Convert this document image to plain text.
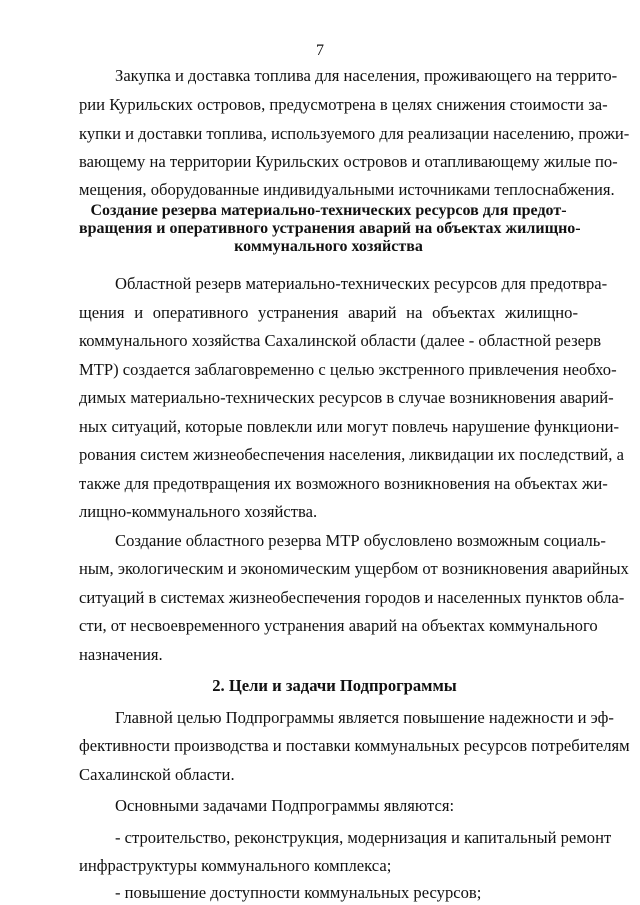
7
Закупка и доставка топлива для населения, проживающего на террито-
рии Курильских островов, предусмотрена в целях снижения стоимости за-
купки и доставки топлива, используемого для реализации населению, прожи-
вающему на территории Курильских островов и отапливающему жилые по-
мещения, оборудованные индивидуальными источниками теплоснабжения.
Создание резерва материально-технических ресурсов для предот-
вращения и оперативного устранения аварий на объектах жилищно-
коммунального хозяйства
Областной резерв материально-технических ресурсов для предотвра-
щения и оперативного устранения аварий на объектах жилищно-
коммунального хозяйства Сахалинской области (далее - областной резерв
МТР) создается заблаговременно с целью экстренного привлечения необхо-
димых материально-технических ресурсов в случае возникновения аварий-
ных ситуаций, которые повлекли или могут повлечь нарушение функциони-
рования систем жизнеобеспечения населения, ликвидации их последствий, а
также для предотвращения их возможного возникновения на объектах жи-
лищно-коммунального хозяйства.
Создание областного резерва МТР обусловлено возможным социаль-
ным, экологическим и экономическим ущербом от возникновения аварийных
ситуаций в системах жизнеобеспечения городов и населенных пунктов обла-
сти, от несвоевременного устранения аварий на объектах коммунального
назначения.
2. Цели и задачи Подпрограммы
Главной целью Подпрограммы является повышение надежности и эф-
фективности производства и поставки коммунальных ресурсов потребителям
Сахалинской области.
Основными задачами Подпрограммы являются:
- строительство, реконструкция, модернизация и капитальный ремонт
инфраструктуры коммунального комплекса;
- повышение доступности коммунальных ресурсов;
